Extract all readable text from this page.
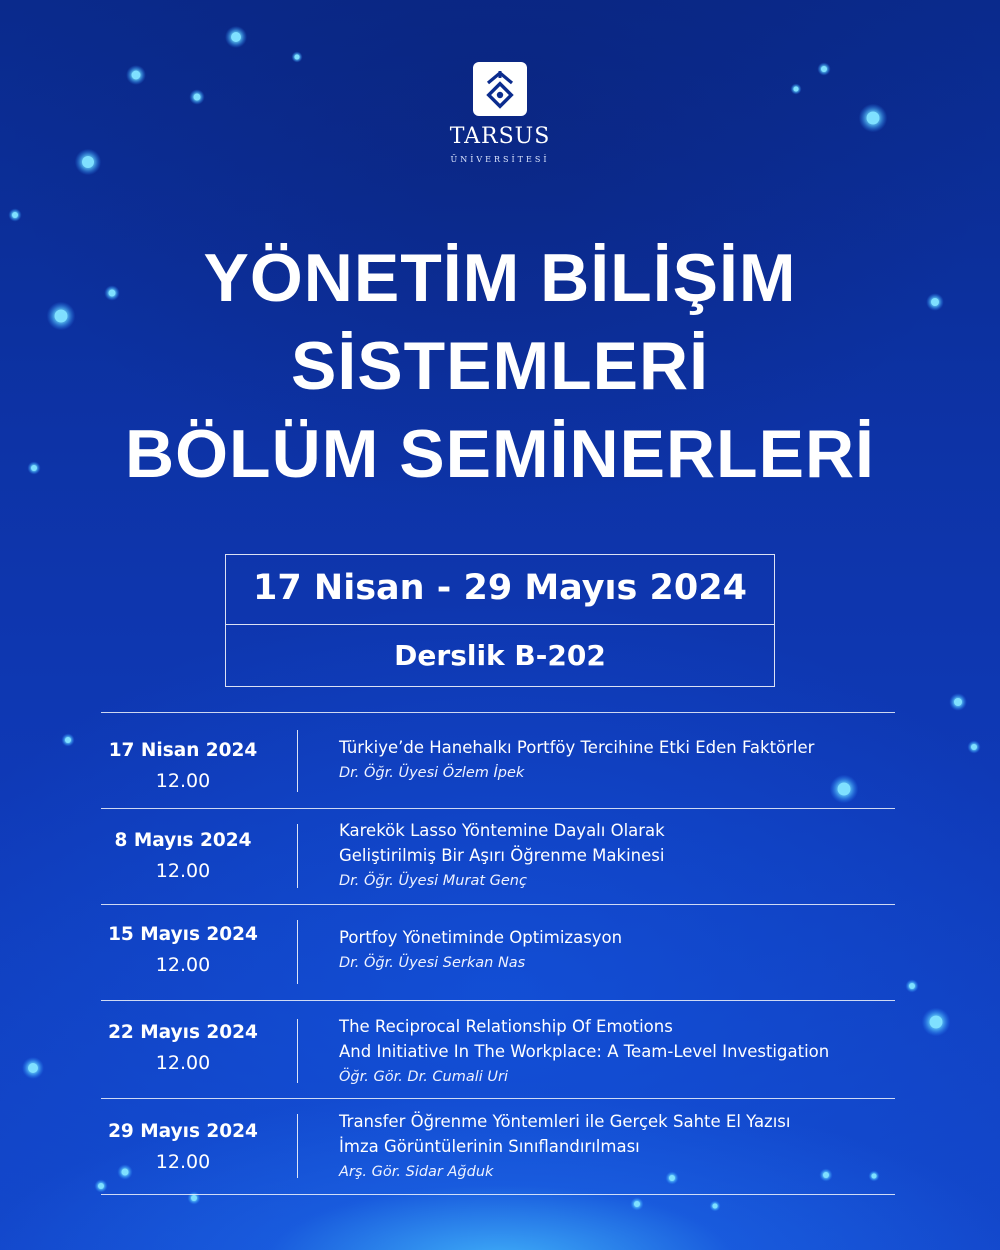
TARSUS
ÜNİVERSİTESİ
YÖNETİM BİLİŞİM
SİSTEMLERİ
BÖLÜM SEMİNERLERİ
17 Nisan - 29 Mayıs 2024
Derslik B-202
17 Nisan 2024
12.00
Türkiye’de Hanehalkı Portföy Tercihine Etki Eden Faktörler
Dr. Öğr. Üyesi Özlem İpek
8 Mayıs 2024
12.00
Karekök Lasso Yöntemine Dayalı Olarak
Geliştirilmiş Bir Aşırı Öğrenme Makinesi
Dr. Öğr. Üyesi Murat Genç
15 Mayıs 2024
12.00
Portfoy Yönetiminde Optimizasyon
Dr. Öğr. Üyesi Serkan Nas
22 Mayıs 2024
12.00
The Reciprocal Relationship Of Emotions
And Initiative In The Workplace: A Team-Level Investigation
Öğr. Gör. Dr. Cumali Uri
29 Mayıs 2024
12.00
Transfer Öğrenme Yöntemleri ile Gerçek Sahte El Yazısı
İmza Görüntülerinin Sınıflandırılması
Arş. Gör. Sidar Ağduk
